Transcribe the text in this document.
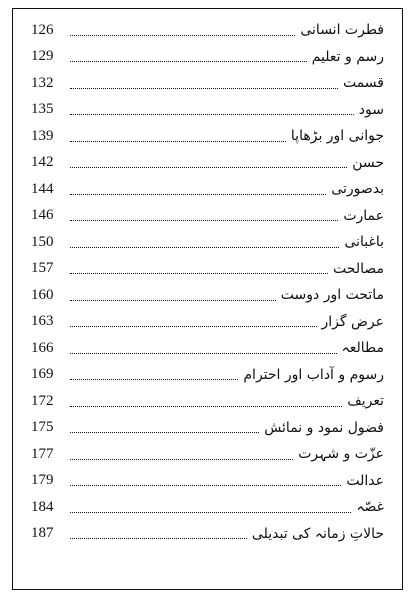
126	فطرت انسانی
129	رسم و تعلیم
132	قسمت
135	سود
139	جوانی اور بڑھاپا
142	حسن
144	بدصورتی
146	عمارت
150	باغبانی
157	مصالحت
160	ماتحت اور دوست
163	عرض گزار
166	مطالعہ
169	رسوم و آداب اور احترام
172	تعریف
175	فضول نمود و نمائش
177	عزّت و شہرت
179	عدالت
184	غصّہ
187	حالاتِ زمانہ کی تبدیلی
